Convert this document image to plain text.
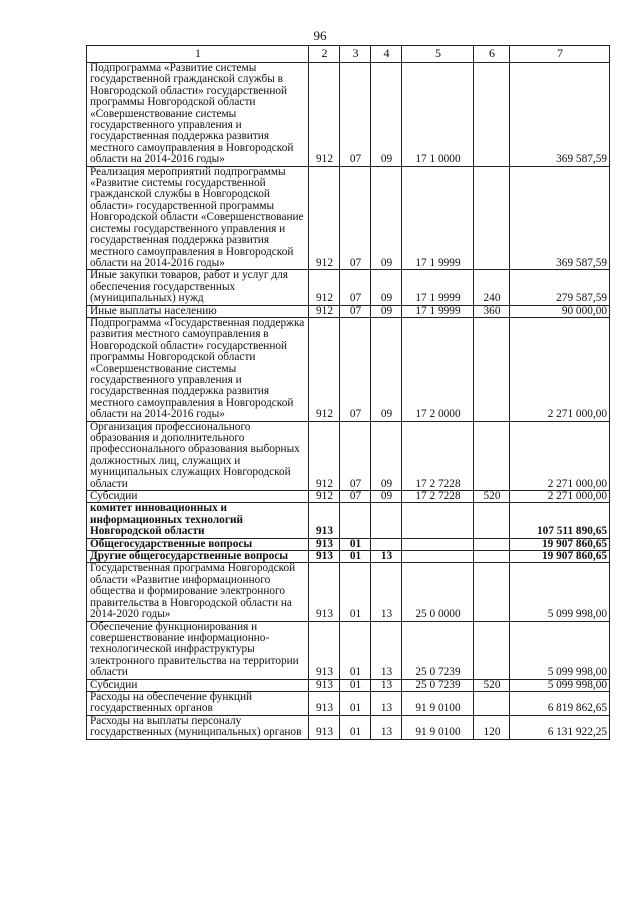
96
1	2	3	4	5	6	7
Подпрограмма «Развитие системы государственной гражданской службы в Новгородской области» государственной программы Новгородской области «Совершенствование системы государственного управления и государственная поддержка развития местного самоуправления в Новгородской области на 2014-2016 годы»	912	07	09	17 1 0000		369 587,59
Реализация мероприятий подпрограммы «Развитие системы государственной гражданской службы в Новгородской области» государственной программы Новгородской области «Совершенствование системы государственного управления и государственная поддержка развития местного самоуправления в Новгородской области на 2014-2016 годы»	912	07	09	17 1 9999		369 587,59
Иные закупки товаров, работ и услуг для обеспечения государственных (муниципальных) нужд	912	07	09	17 1 9999	240	279 587,59
Иные выплаты населению	912	07	09	17 1 9999	360	90 000,00
Подпрограмма «Государственная поддержка развития местного самоуправления в Новгородской области» государственной программы Новгородской области «Совершенствование системы государственного управления и государственная поддержка развития местного самоуправления в Новгородской области на 2014-2016 годы»	912	07	09	17 2 0000		2 271 000,00
Организация профессионального образования и дополнительного профессионального образования выборных должностных лиц, служащих и муниципальных служащих Новгородской области	912	07	09	17 2 7228		2 271 000,00
Субсидии	912	07	09	17 2 7228	520	2 271 000,00
комитет инновационных и информационных технологий Новгородской области	913					107 511 890,65
Общегосударственные вопросы	913	01				19 907 860,65
Другие общегосударственные вопросы	913	01	13			19 907 860,65
Государственная программа Новгородской области «Развитие информационного общества и формирование электронного правительства в Новгородской области на 2014-2020 годы»	913	01	13	25 0 0000		5 099 998,00
Обеспечение функционирования и совершенствование информационно-технологической инфраструктуры электронного правительства на территории области	913	01	13	25 0 7239		5 099 998,00
Субсидии	913	01	13	25 0 7239	520	5 099 998,00
Расходы на обеспечение функций государственных органов	913	01	13	91 9 0100		6 819 862,65
Расходы на выплаты персоналу государственных (муниципальных) органов	913	01	13	91 9 0100	120	6 131 922,25
